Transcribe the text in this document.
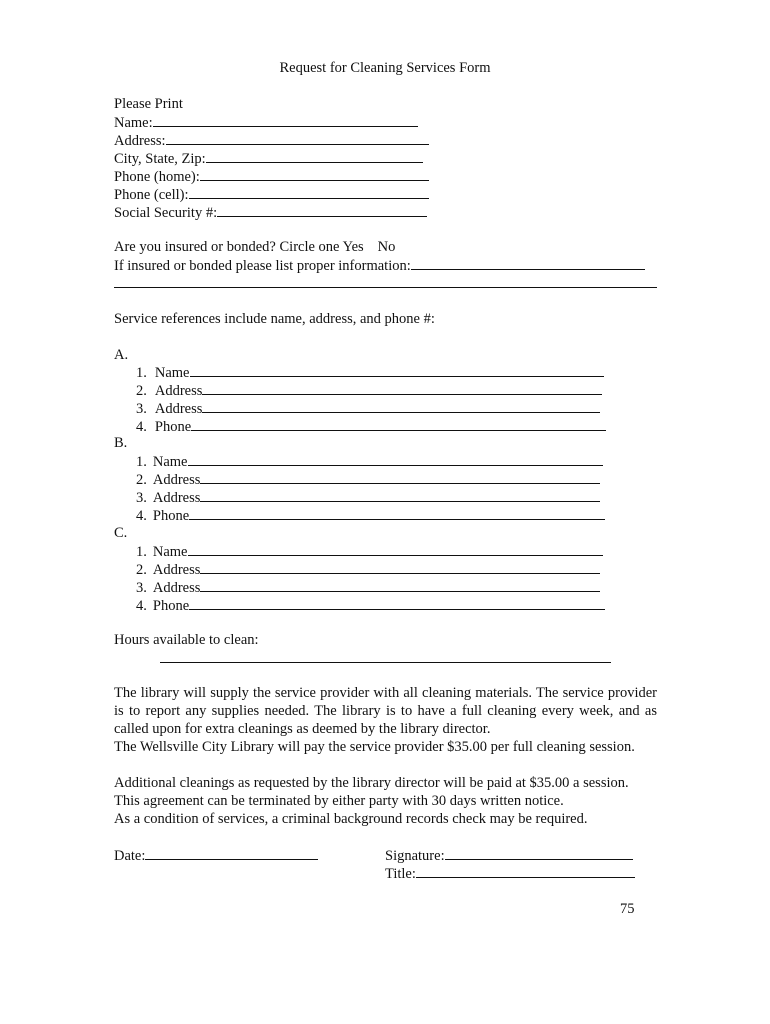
Request for Cleaning Services Form
Please Print
Name:
Address:
City, State, Zip:
Phone (home):
Phone (cell):
Social Security #:
Are you insured or bonded? Circle one Yes No
If insured or bonded please list proper information:
Service references include name, address, and phone #:
A.
1. Name
2. Address
3. Address
4. Phone
B.
1. Name
2. Address
3. Address
4. Phone
C.
1. Name
2. Address
3. Address
4. Phone
Hours available to clean:
The library will supply the service provider with all cleaning materials. The service provider is to report any supplies needed. The library is to have a full cleaning every week, and as called upon for extra cleanings as deemed by the library director.
The Wellsville City Library will pay the service provider $35.00 per full cleaning session.
Additional cleanings as requested by the library director will be paid at $35.00 a session.
This agreement can be terminated by either party with 30 days written notice.
As a condition of services, a criminal background records check may be required.
Date:	Signature:
Title:
75
